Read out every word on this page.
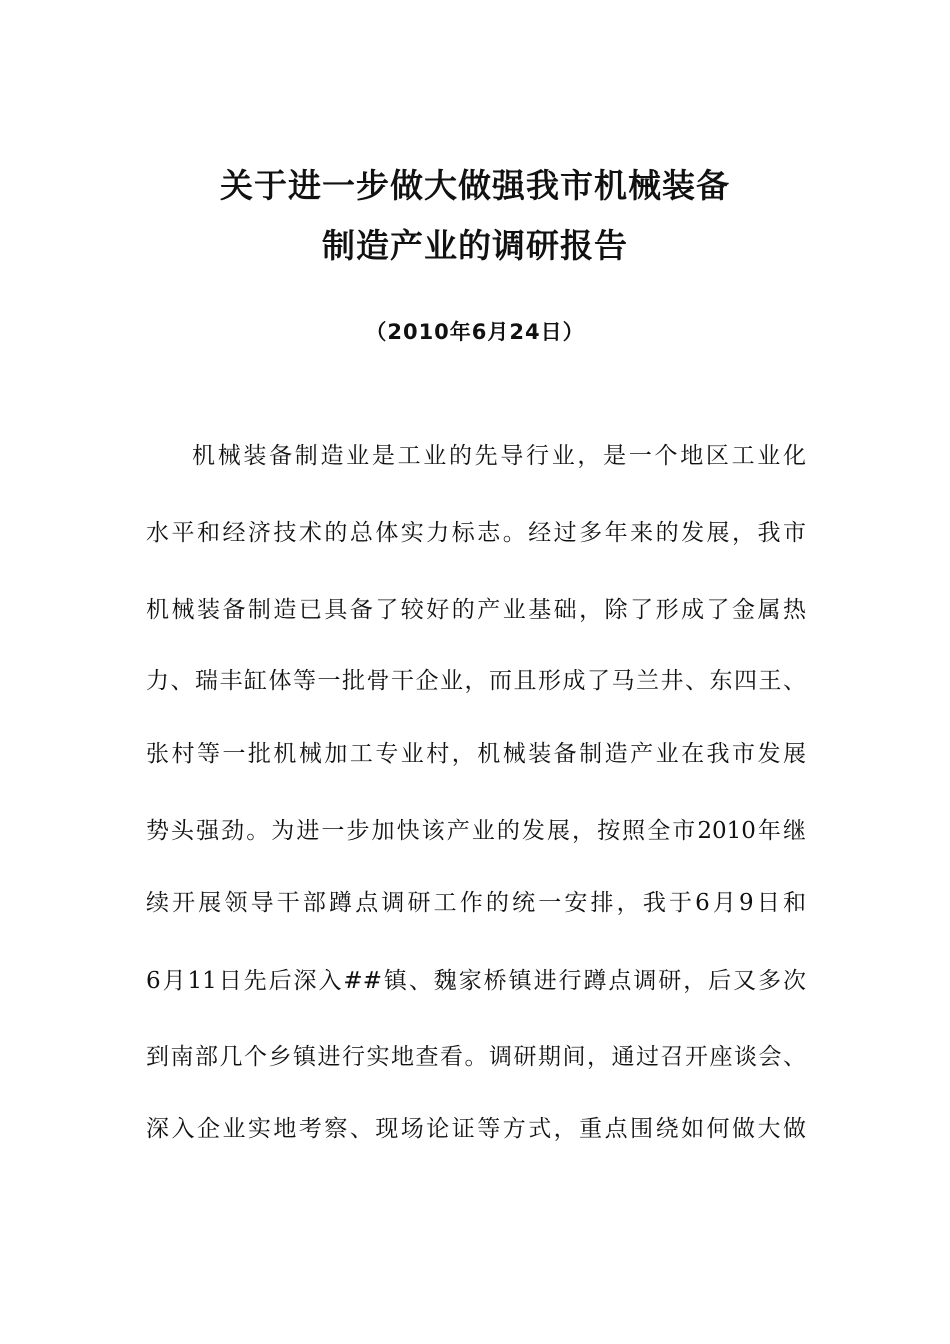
关于进一步做大做强我市机械装备
制造产业的调研报告
（2010年6月24日）
机械装备制造业是工业的先导行业，是一个地区工业化
水平和经济技术的总体实力标志。经过多年来的发展，我市
机械装备制造已具备了较好的产业基础，除了形成了金属热
力、瑞丰缸体等一批骨干企业，而且形成了马兰井、东四王、
张村等一批机械加工专业村，机械装备制造产业在我市发展
势头强劲。为进一步加快该产业的发展，按照全市2010年继
续开展领导干部蹲点调研工作的统一安排，我于6月9日和
6月11日先后深入##镇、魏家桥镇进行蹲点调研，后又多次
到南部几个乡镇进行实地查看。调研期间，通过召开座谈会、
深入企业实地考察、现场论证等方式，重点围绕如何做大做
